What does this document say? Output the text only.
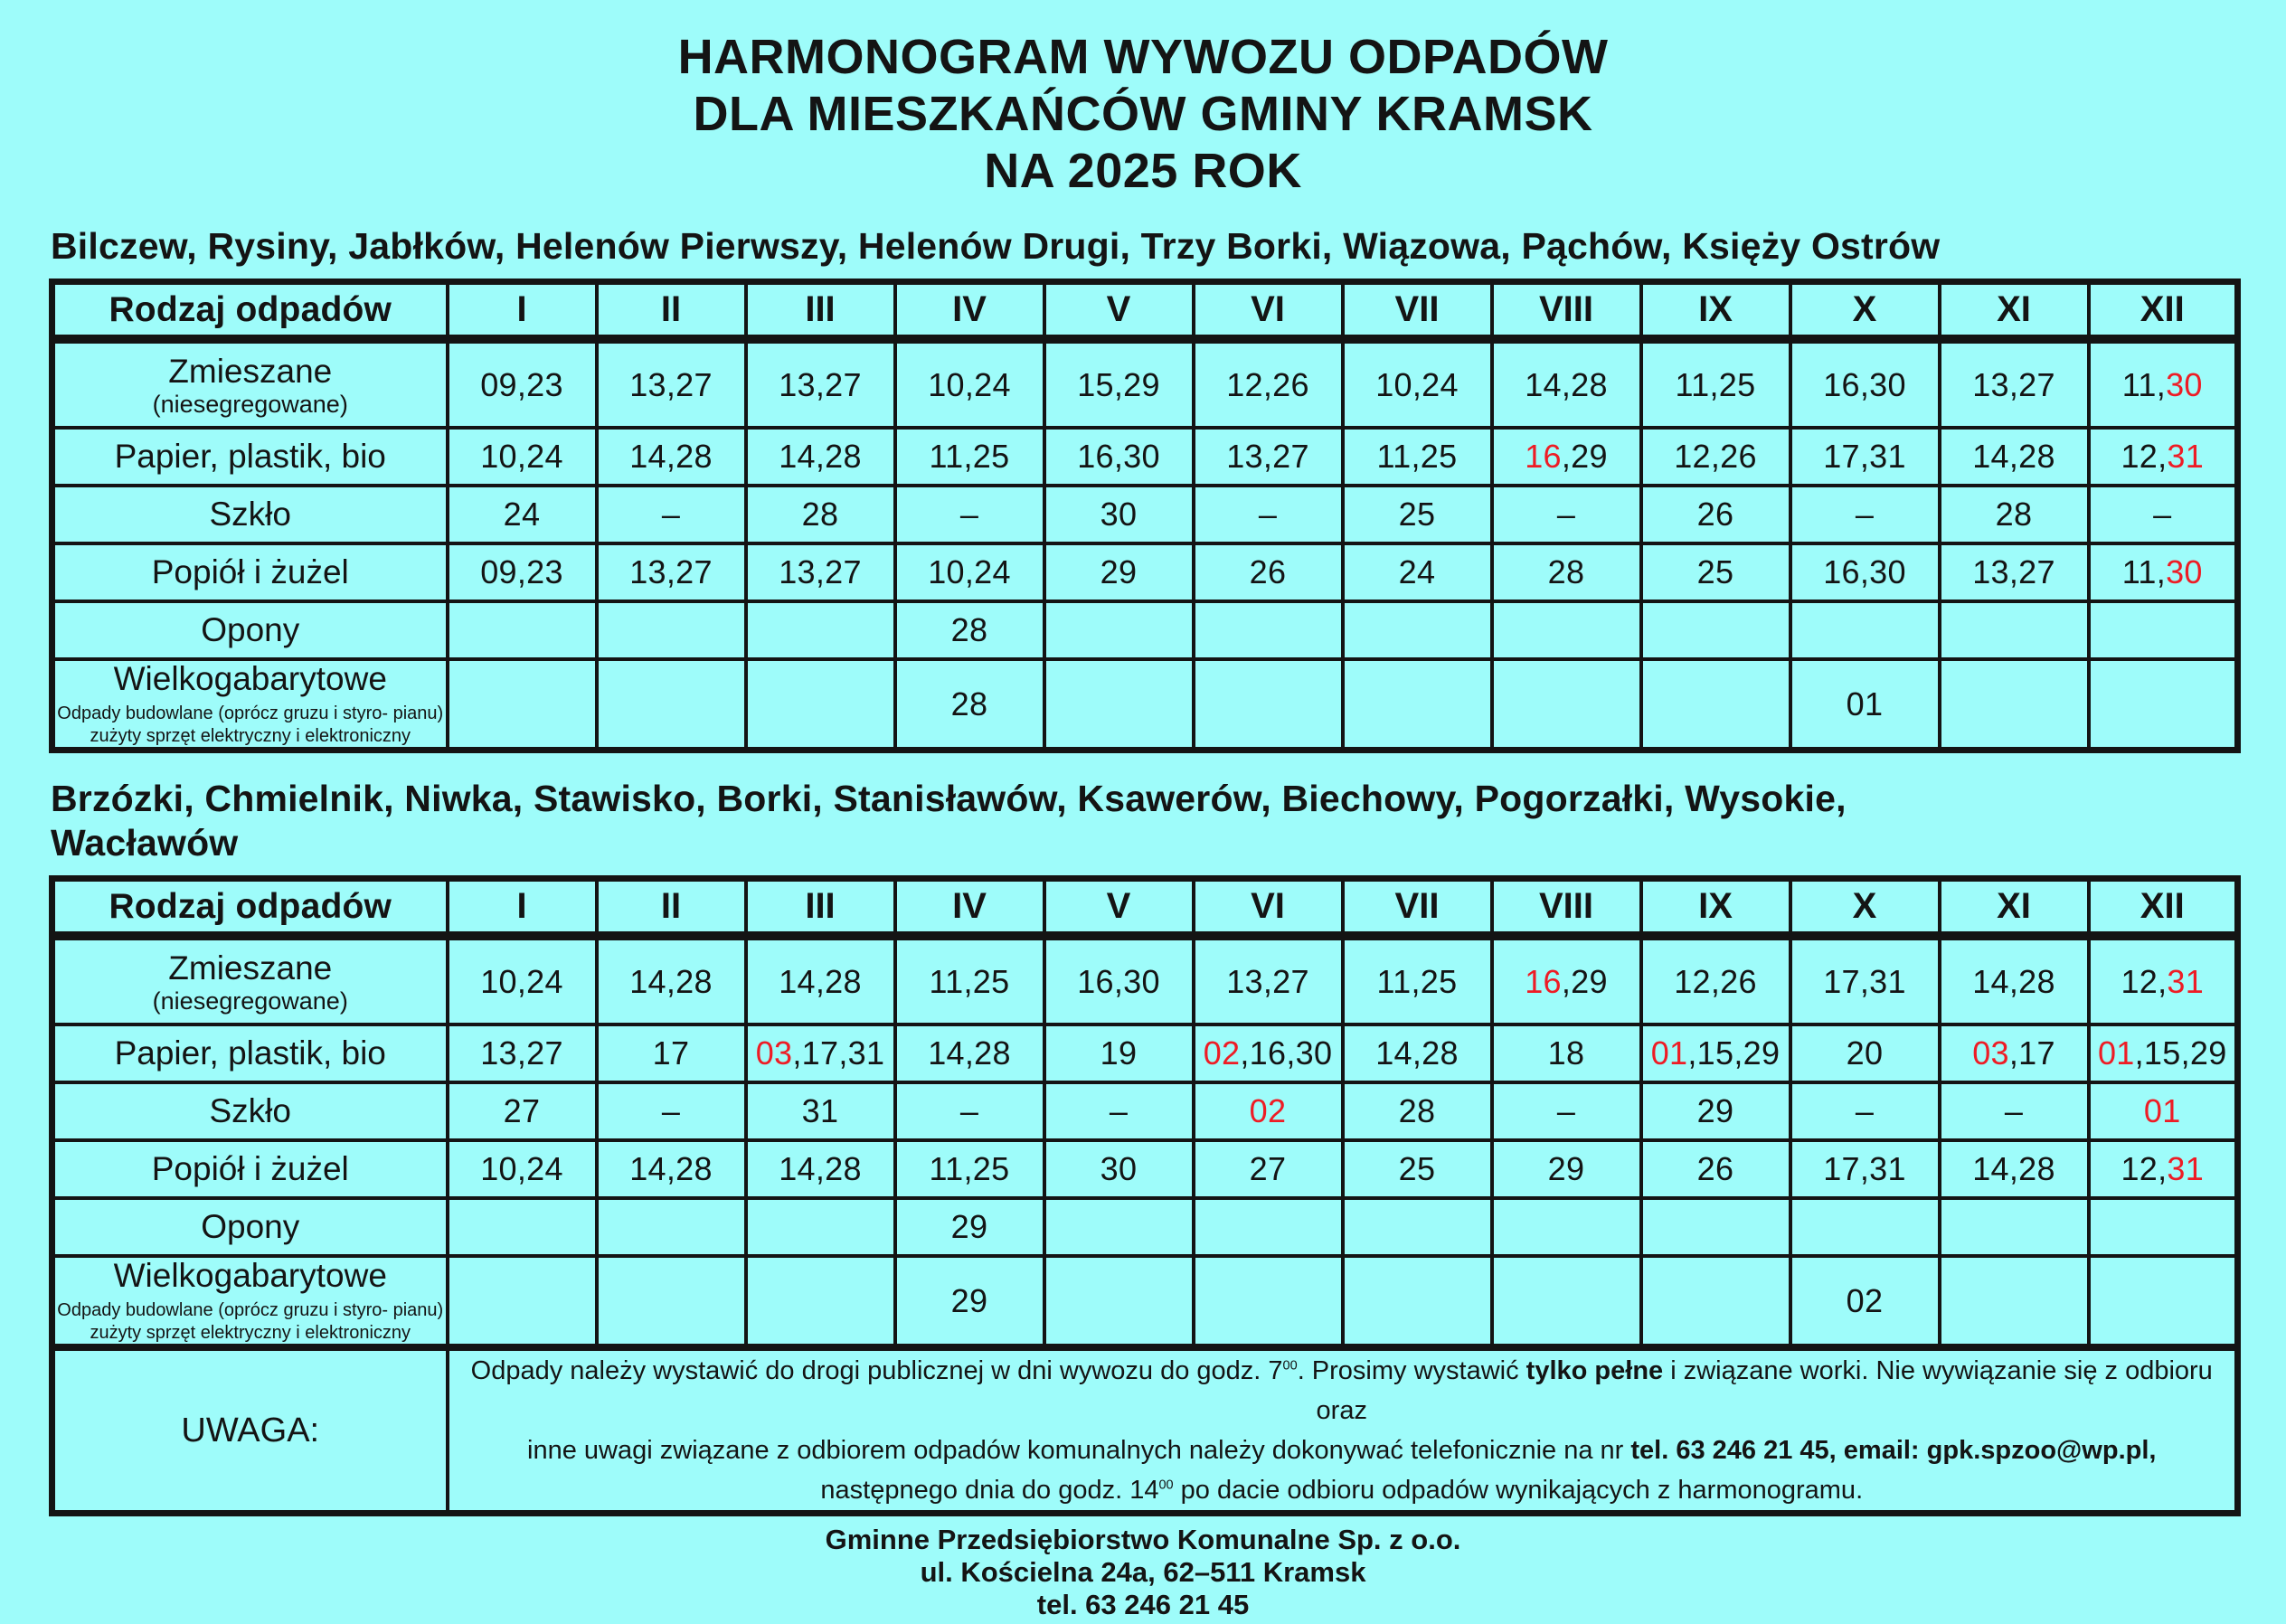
HARMONOGRAM WYWOZU ODPADÓW
DLA MIESZKAŃCÓW GMINY KRAMSK
NA 2025 ROK
Bilczew, Rysiny, Jabłków, Helenów Pierwszy, Helenów Drugi, Trzy Borki, Wiązowa, Pąchów, Księży Ostrów
Rodzaj odpadów	I	II	III	IV	V	VI	VII	VIII	IX	X	XI	XII
Zmieszane
(niesegregowane)	09,23	13,27	13,27	10,24	15,29	12,26	10,24	14,28	11,25	16,30	13,27	11,30
Papier, plastik, bio	10,24	14,28	14,28	11,25	16,30	13,27	11,25	16,29	12,26	17,31	14,28	12,31
Szkło	24	–	28	–	30	–	25	–	26	–	28	–
Popiół i żużel	09,23	13,27	13,27	10,24	29	26	24	28	25	16,30	13,27	11,30
Opony				28								
Wielkogabarytowe
Odpady budowlane (oprócz gruzu i styro- pianu) zużyty sprzęt elektryczny i elektroniczny				28						01		
Brzózki, Chmielnik, Niwka, Stawisko, Borki, Stanisławów, Ksawerów, Biechowy, Pogorzałki, Wysokie,
Wacławów
Rodzaj odpadów	I	II	III	IV	V	VI	VII	VIII	IX	X	XI	XII
Zmieszane
(niesegregowane)	10,24	14,28	14,28	11,25	16,30	13,27	11,25	16,29	12,26	17,31	14,28	12,31
Papier, plastik, bio	13,27	17	03,17,31	14,28	19	02,16,30	14,28	18	01,15,29	20	03,17	01,15,29
Szkło	27	–	31	–	–	02	28	–	29	–	–	01
Popiół i żużel	10,24	14,28	14,28	11,25	30	27	25	29	26	17,31	14,28	12,31
Opony				29								
Wielkogabarytowe
Odpady budowlane (oprócz gruzu i styro- pianu) zużyty sprzęt elektryczny i elektroniczny				29						02		
UWAGA:	Odpady należy wystawić do drogi publicznej w dni wywozu do godz. $7^{00}$. Prosimy wystawić tylko pełne i związane worki. Nie wywiązanie się z odbioru oraz
inne uwagi związane z odbiorem odpadów komunalnych należy dokonywać telefonicznie na nr tel. 63 246 21 45, email: gpk.spzoo@wp.pl,
następnego dnia do godz. $14^{00}$ po dacie odbioru odpadów wynikających z harmonogramu.											
Gminne Przedsiębiorstwo Komunalne Sp. z o.o.
ul. Kościelna 24a, 62–511 Kramsk
tel. 63 246 21 45
